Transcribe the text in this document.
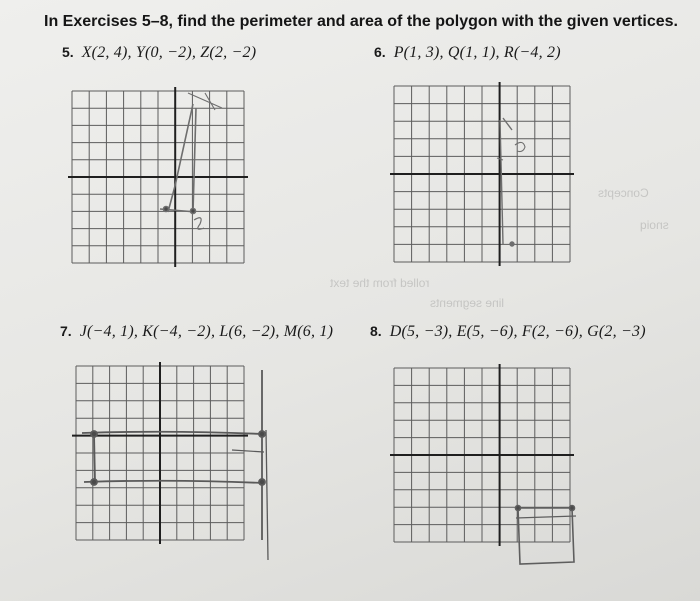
In Exercises 5–8, find the perimeter and area of the polygon with the given vertices.
5. X(2, 4), Y(0, −2), Z(2, −2)	6. P(1, 3), Q(1, 1), R(−4, 2)
7. J(−4, 1), K(−4, −2), L(6, −2), M(6, 1)	8. D(5, −3), E(5, −6), F(2, −6), G(2, −3)
Concepts
snoiq
rolled from the text
line segments
